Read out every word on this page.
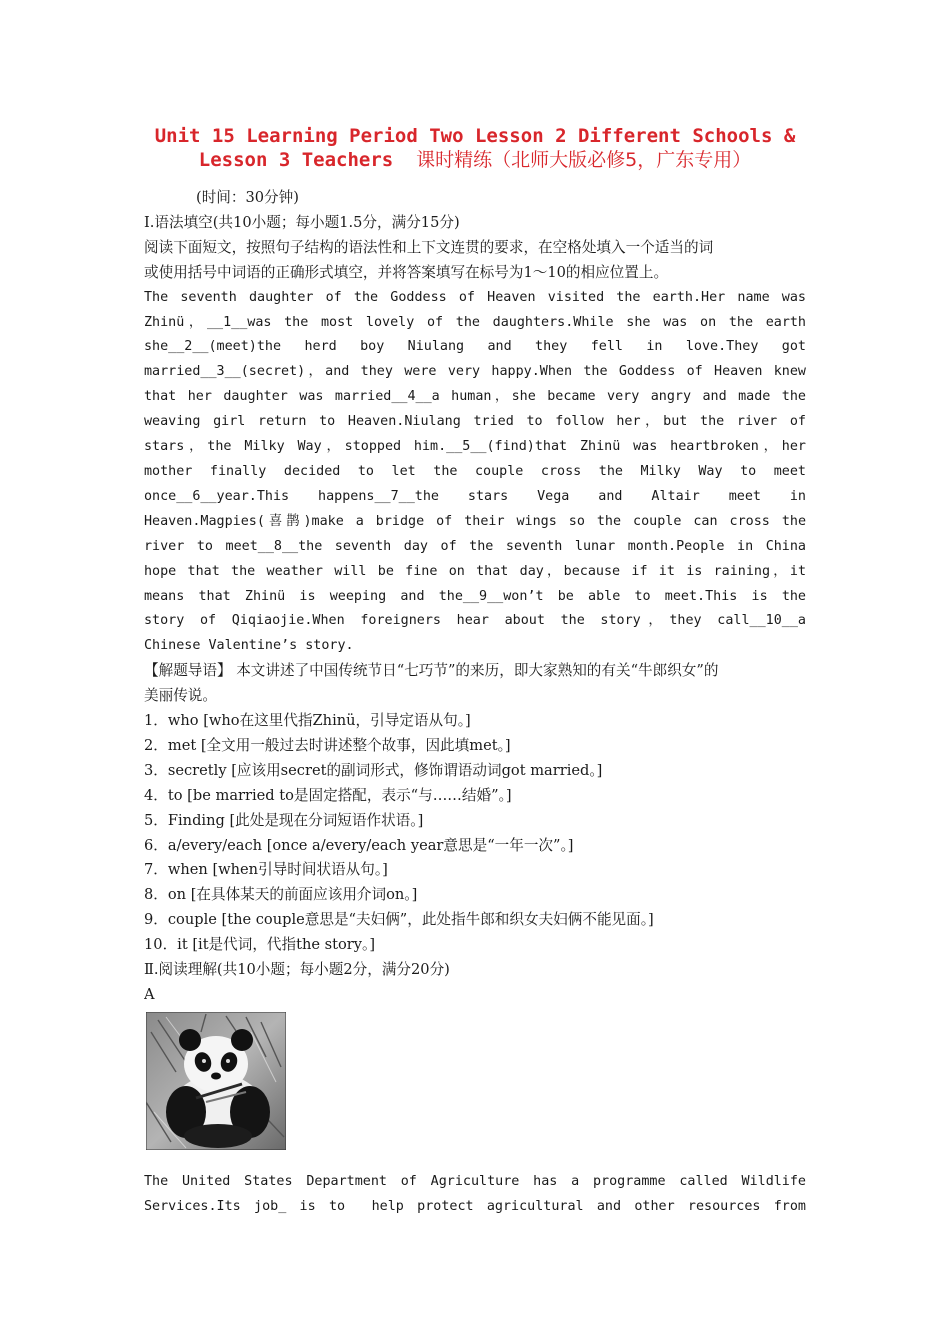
Unit 15 Learning Period Two Lesson 2 Different Schools &
Lesson 3 Teachers  课时精练（北师大版必修5，广东专用）
(时间：30分钟)
Ⅰ.语法填空(共10小题；每小题1.5分，满分15分)
阅读下面短文，按照句子结构的语法性和上下文连贯的要求，在空格处填入一个适当的词
或使用括号中词语的正确形式填空，并将答案填写在标号为1～10的相应位置上。
The seventh daughter of the Goddess of Heaven visited the earth.Her name was
Zhinü，__1__was the most lovely of the daughters.While she was on the earth
she__2__(meet)the herd boy Niulang and they fell in love.They got
married__3__(secret)，and they were very happy.When the Goddess of Heaven knew
that her daughter was married__4__a human，she became very angry and made the
weaving girl return to Heaven.Niulang tried to follow her，but the river of
stars，the Milky Way，stopped him.__5__(find)that Zhinü was heartbroken，her
mother finally decided to let the couple cross the Milky Way to meet
once__6__year.This happens__7__the stars Vega and Altair meet in
Heaven.Magpies(喜鹊)make a bridge of their wings so the couple can cross the
river to meet__8__the seventh day of the seventh lunar month.People in China
hope that the weather will be fine on that day，because if it is raining，it
means that Zhinü is weeping and the__9__won’t be able to meet.This is the
story of Qiqiaojie.When foreigners hear about the story，they call__10__a
Chinese Valentine’s story.
【解题导语】 本文讲述了中国传统节日“七巧节”的来历，即大家熟知的有关“牛郎织女”的
美丽传说。
1．who [who在这里代指Zhinü，引导定语从句。]
2．met [全文用一般过去时讲述整个故事，因此填met。]
3．secretly [应该用secret的副词形式，修饰谓语动词got married。]
4．to [be married to是固定搭配，表示“与……结婚”。]
5．Finding [此处是现在分词短语作状语。]
6．a/every/each [once a/every/each year意思是“一年一次”。]
7．when [when引导时间状语从句。]
8．on [在具体某天的前面应该用介词on。]
9．couple [the couple意思是“夫妇俩”，此处指牛郎和织女夫妇俩不能见面。]
10．it [it是代词，代指the story。]
Ⅱ.阅读理解(共10小题；每小题2分，满分20分)
A
The United States Department of Agriculture has a programme called Wildlife
Services.Its job_ is to  help protect agricultural and other resources from
